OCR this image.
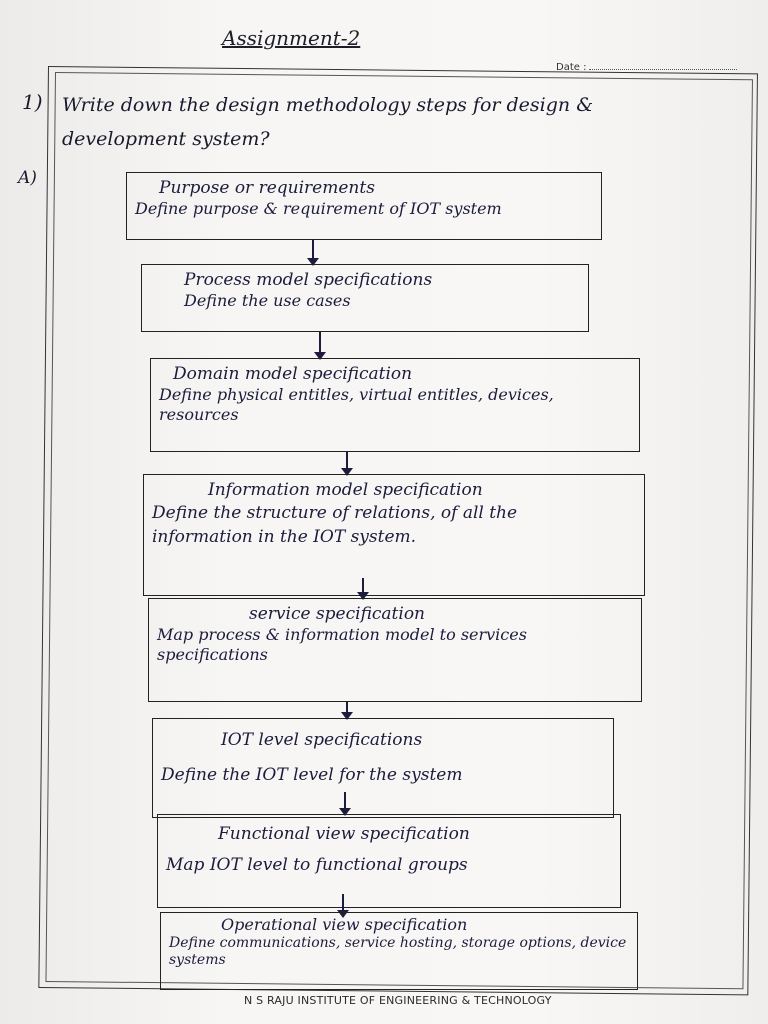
Assignment-2
Date :
1) Write down the design methodology steps for design & development system?
A)	Purpose or requirements
Define purpose & requirement of IOT system
Process model specifications
Define the use cases
Domain model specification
Define physical entitles, virtual entitles, devices, resources
Information model specification
Define the structure of relations, of all the information in the IOT system.
service specification
Map process & information model to services specifications
IOT level specifications
Define the IOT level for the system
Functional view specification
Map IOT level to functional groups
Operational view specification
Define communications, service hosting, storage options, device systems
N S RAJU INSTITUTE OF ENGINEERING & TECHNOLOGY
